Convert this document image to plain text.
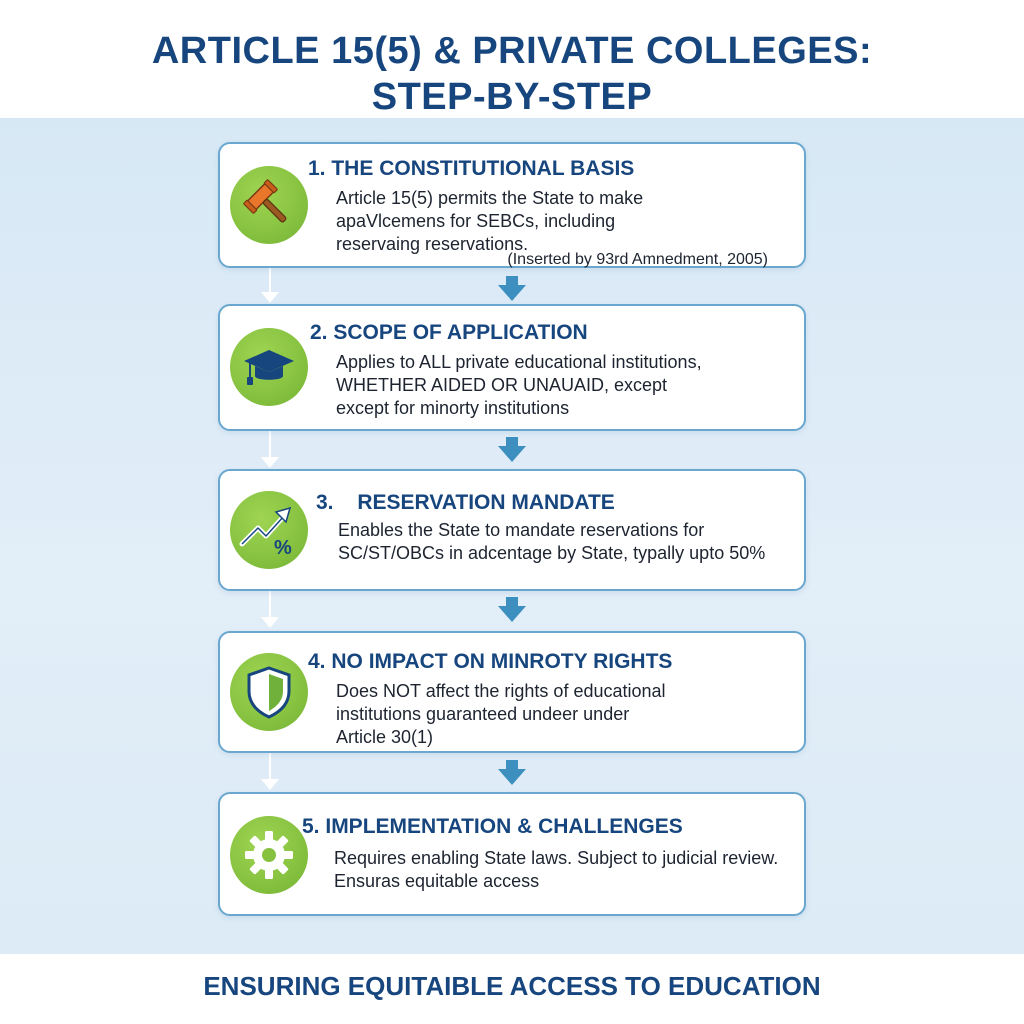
ARTICLE 15(5) & PRIVATE COLLEGES:
STEP-BY-STEP
1. THE CONSTITUTIONAL BASIS
Article 15(5) permits the State to make
apaVlcemens for SEBCs, including
reservaing reservations.
(Inserted by 93rd Amnedment, 2005)
2. SCOPE OF APPLICATION
Applies to ALL private educational institutions,
WHETHER AIDED OR UNAUAID, except
except for minorty institutions
%
3. RESERVATION MANDATE
Enables the State to mandate reservations for
SC/ST/OBCs in adcentage by State, typally upto 50%
4. NO IMPACT ON MINROTY RIGHTS
Does NOT affect the rights of educational
institutions guaranteed undeer under
Article 30(1)
5. IMPLEMENTATION & CHALLENGES
Requires enabling State laws. Subject to judicial review.
Ensuras equitable access
ENSURING EQUITAIBLE ACCESS TO EDUCATION
